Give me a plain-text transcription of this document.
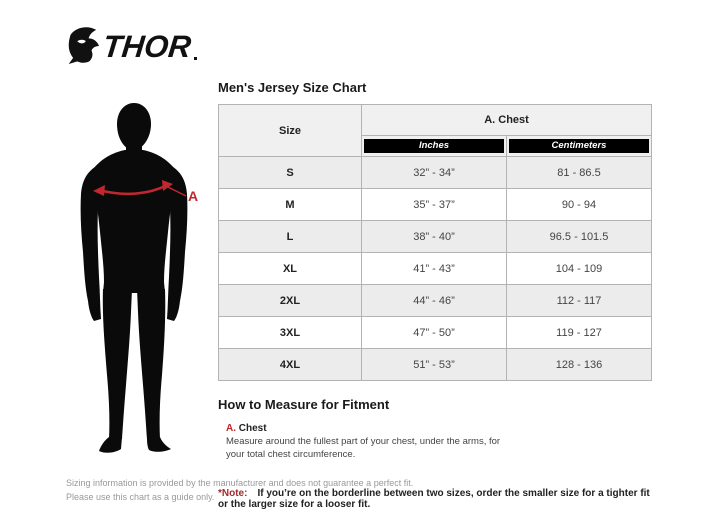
THOR
A
Men's Jersey Size Chart
Size	A. Chest	

	Inches	Centimeters

S	32” - 34”	81 - 86.5
M	35” - 37”	90 - 94
L	38” - 40”	96.5 - 101.5
XL	41” - 43”	104 - 109
2XL	44” - 46”	112 - 117
3XL	47” - 50”	119 - 127
4XL	51” - 53”	128 - 136
How to Measure for Fitment
A. Chest
Measure around the fullest part of your chest, under the arms, for your total chest circumference.
*Note: If you’re on the borderline between two sizes, order the smaller size for a tighter fit or the larger size for a looser fit.
Sizing information is provided by the manufacturer and does not guarantee a perfect fit.
Please use this chart as a guide only.
